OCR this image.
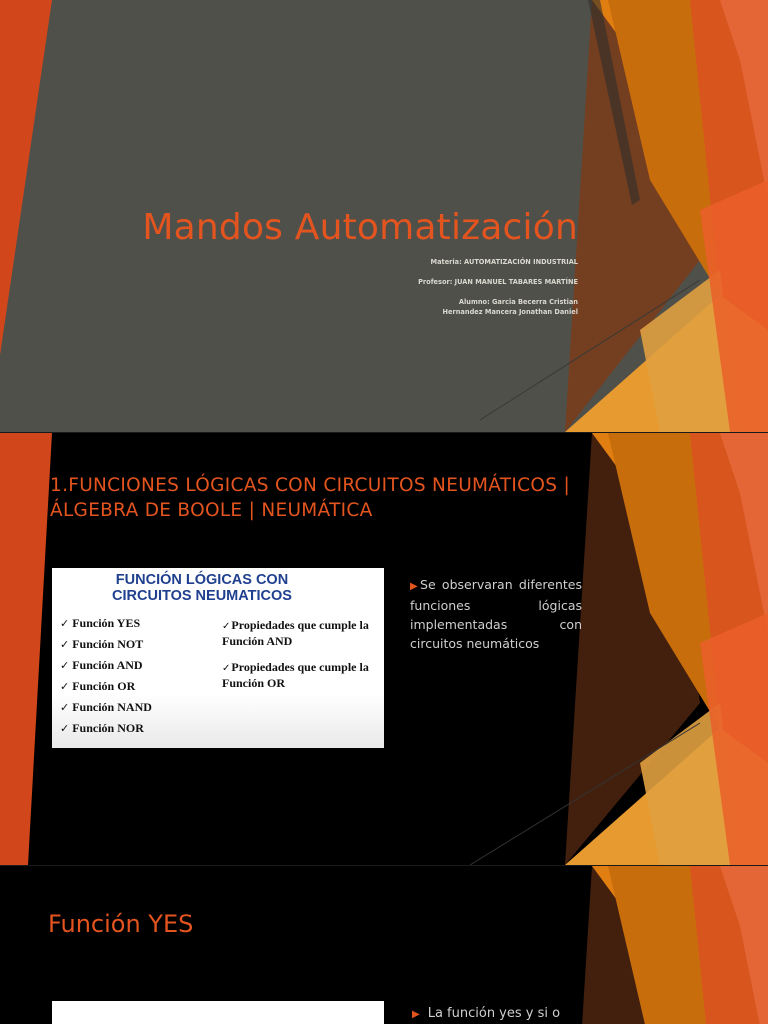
Mandos Automatización
Materia: AUTOMATIZACIÓN INDUSTRIAL
Profesor: JUAN MANUEL TABARES MARTÍNE
Alumno: Garcia Becerra Cristian
Hernandez Mancera Jonathan Daniel
1.FUNCIONES LÓGICAS CON CIRCUITOS NEUMÁTICOS | ÁLGEBRA DE BOOLE | NEUMÁTICA
FUNCIÓN LÓGICAS CON
CIRCUITOS NEUMATICOS
✓ Función YES
✓ Función NOT
✓ Función AND
✓ Función OR
✓ Función NAND
✓ Función NOR
✓Propiedades que cumple la Función AND
✓Propiedades que cumple la Función OR
▶Se observaran diferentes funciones lógicas implementadas con circuitos neumáticos
Función YES
▶ La función yes y si o
